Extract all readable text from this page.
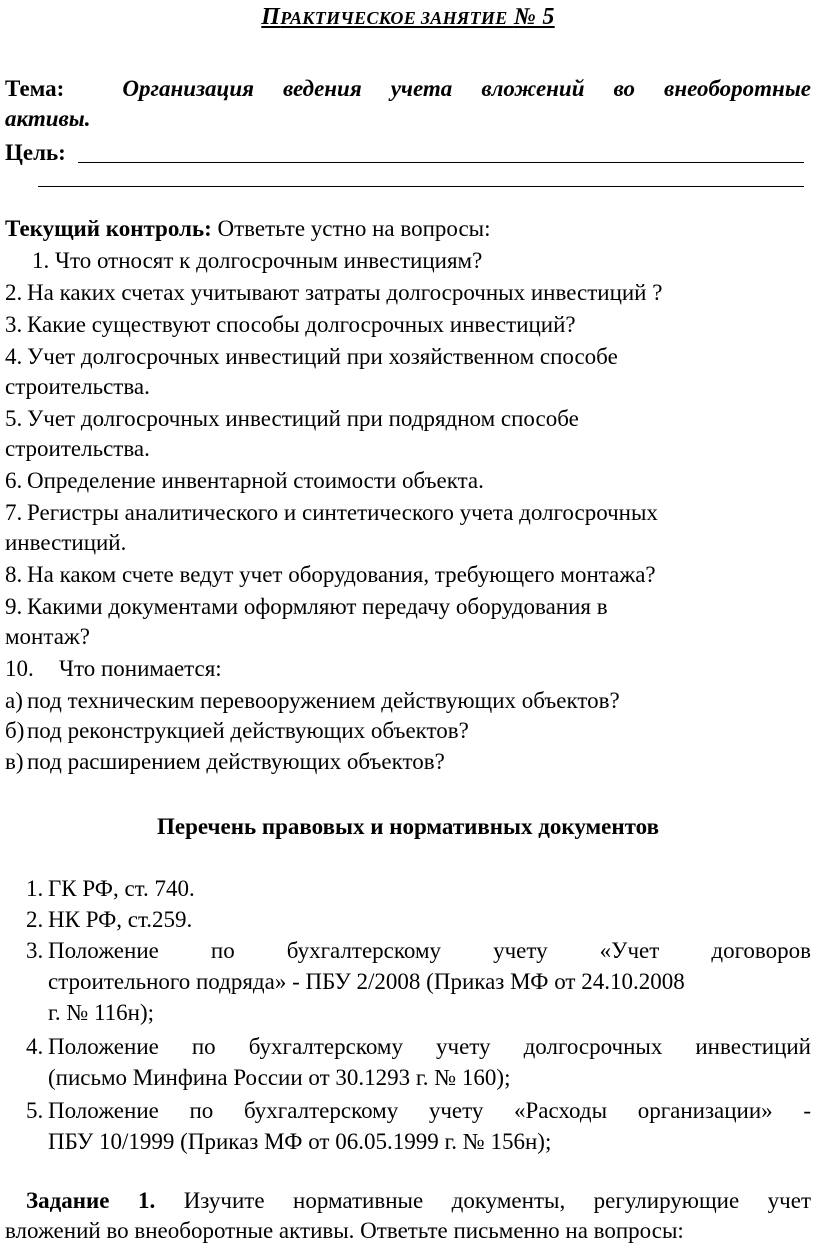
ПРАКТИЧЕСКОЕ ЗАНЯТИЕ № 5
Тема:	Организация ведения учета вложений во внеоборотные
активы.
Цель:
Текущий контроль: Ответьте устно на вопросы:
1. Что относят к долгосрочным инвестициям?
2. На каких счетах учитывают затраты долгосрочных инвестиций ?
3. Какие существуют способы долгосрочных инвестиций?
4. Учет долгосрочных инвестиций при хозяйственном способе
строительства.
5. Учет долгосрочных инвестиций при подрядном способе
строительства.
6. Определение инвентарной стоимости объекта.
7. Регистры аналитического и синтетического учета долгосрочных
инвестиций.
8. На каком счете ведут учет оборудования, требующего монтажа?
9. Какими документами оформляют передачу оборудования в
монтаж?
10. Что понимается:
а) под техническим перевооружением действующих объектов?
б) под реконструкцией действующих объектов?
в) под расширением действующих объектов?
Перечень правовых и нормативных документов
1. ГК РФ, ст. 740.
2. НК РФ, ст.259.
3. Положение по бухгалтерскому учету «Учет договоров
строительного подряда» - ПБУ 2/2008 (Приказ МФ от 24.10.2008
г. № 116н);
4. Положение по бухгалтерскому учету долгосрочных инвестиций
(письмо Минфина России от 30.1293 г. № 160);
5. Положение по бухгалтерскому учету «Расходы организации» -
ПБУ 10/1999 (Приказ МФ от 06.05.1999 г. № 156н);
Задание 1. Изучите нормативные документы, регулирующие учет
вложений во внеоборотные активы. Ответьте письменно на вопросы:
